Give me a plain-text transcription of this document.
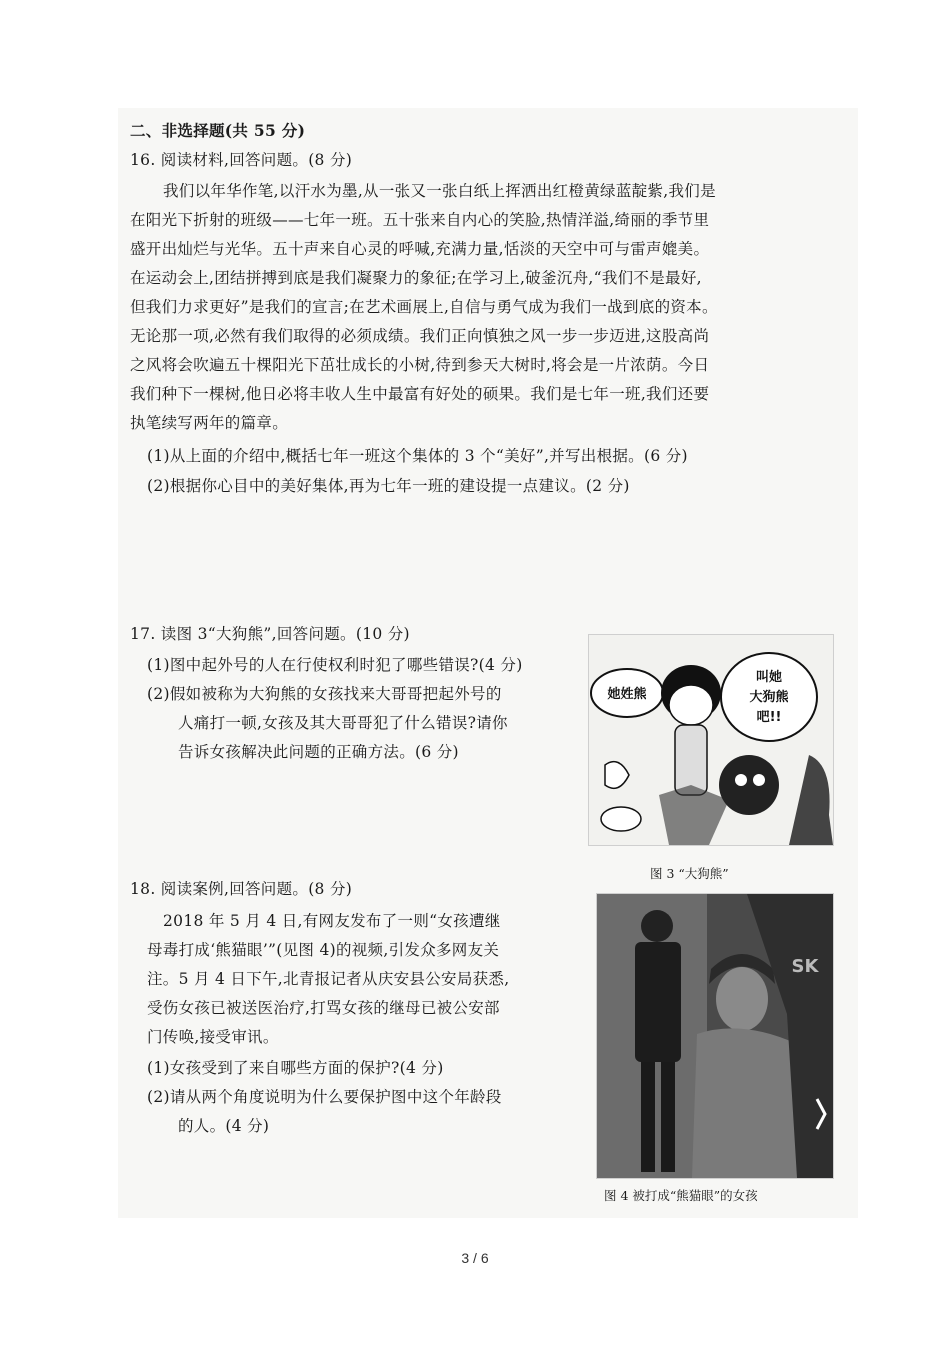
二、非选择题(共 55 分)
16. 阅读材料,回答问题。(8 分)
我们以年华作笔,以汗水为墨,从一张又一张白纸上挥洒出红橙黄绿蓝靛紫,我们是
在阳光下折射的班级——七年一班。五十张来自内心的笑脸,热情洋溢,绮丽的季节里
盛开出灿烂与光华。五十声来自心灵的呼喊,充满力量,恬淡的天空中可与雷声媲美。
在运动会上,团结拼搏到底是我们凝聚力的象征;在学习上,破釜沉舟,“我们不是最好,
但我们力求更好”是我们的宣言;在艺术画展上,自信与勇气成为我们一战到底的资本。
无论那一项,必然有我们取得的必须成绩。我们正向慎独之风一步一步迈进,这股高尚
之风将会吹遍五十棵阳光下茁壮成长的小树,待到参天大树时,将会是一片浓荫。今日
我们种下一棵树,他日必将丰收人生中最富有好处的硕果。我们是七年一班,我们还要
执笔续写两年的篇章。
(1)从上面的介绍中,概括七年一班这个集体的 3 个“美好”,并写出根据。(6 分)
(2)根据你心目中的美好集体,再为七年一班的建设提一点建议。(2 分)
17. 读图 3“大狗熊”,回答问题。(10 分)
(1)图中起外号的人在行使权利时犯了哪些错误?(4 分)
(2)假如被称为大狗熊的女孩找来大哥哥把起外号的
人痛打一顿,女孩及其大哥哥犯了什么错误?请你
告诉女孩解决此问题的正确方法。(6 分)
她姓熊
叫她
大狗熊
吧!!
图 3 “大狗熊”
18. 阅读案例,回答问题。(8 分)
2018 年 5 月 4 日,有网友发布了一则“女孩遭继
母毒打成‘熊猫眼’”(见图 4)的视频,引发众多网友关
注。5 月 4 日下午,北青报记者从庆安县公安局获悉,
受伤女孩已被送医治疗,打骂女孩的继母已被公安部
门传唤,接受审讯。
(1)女孩受到了来自哪些方面的保护?(4 分)
(2)请从两个角度说明为什么要保护图中这个年龄段
的人。(4 分)
SK
图 4 被打成“熊猫眼”的女孩
3 / 6
